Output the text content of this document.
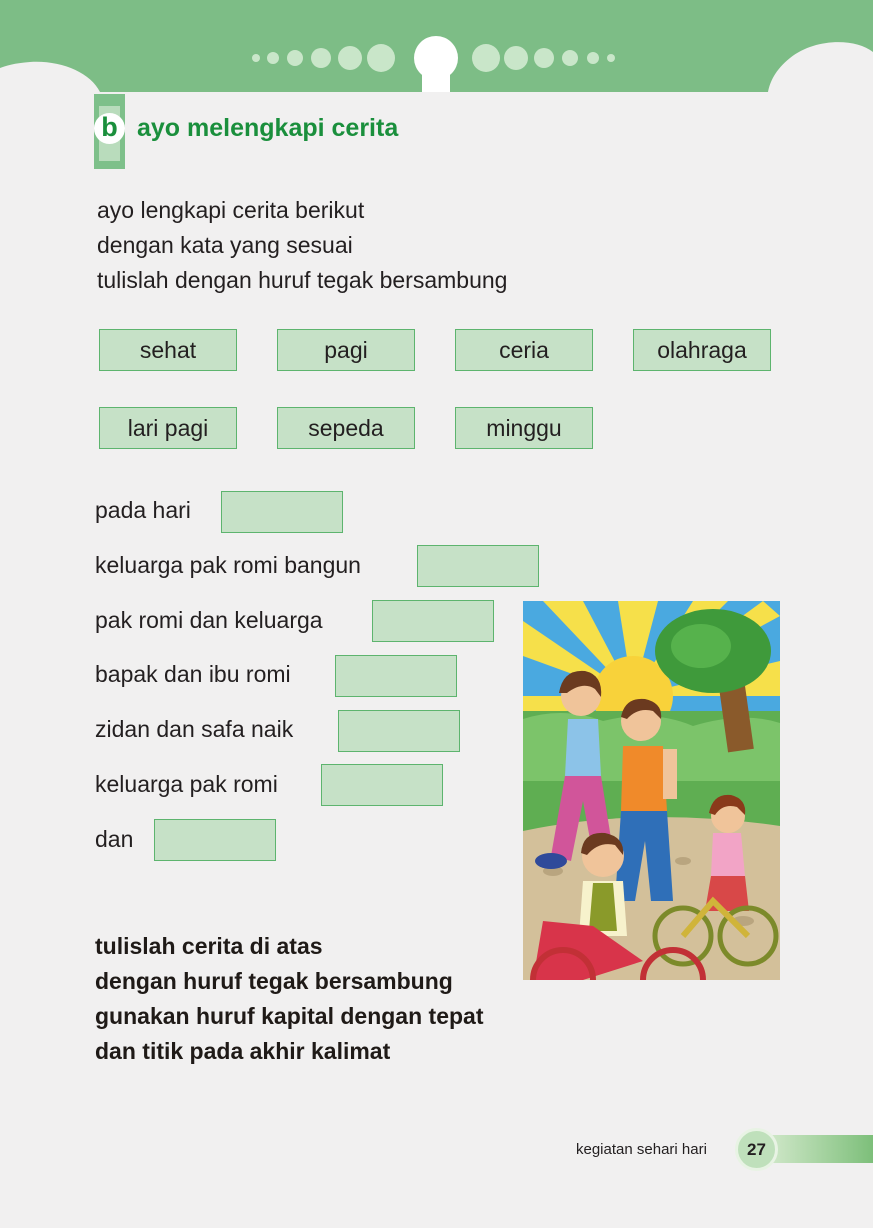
b ayo melengkapi cerita
ayo lengkapi cerita berikut
dengan kata yang sesuai
tulislah dengan huruf tegak bersambung
sehat	pagi	ceria	olahraga
lari pagi	sepeda	minggu
pada hari
keluarga pak romi bangun
pak romi dan keluarga
bapak dan ibu romi
zidan dan safa naik
keluarga pak romi
dan
tulislah cerita di atas
dengan huruf tegak bersambung
gunakan huruf kapital dengan tepat
dan titik pada akhir kalimat
kegiatan sehari hari	27
